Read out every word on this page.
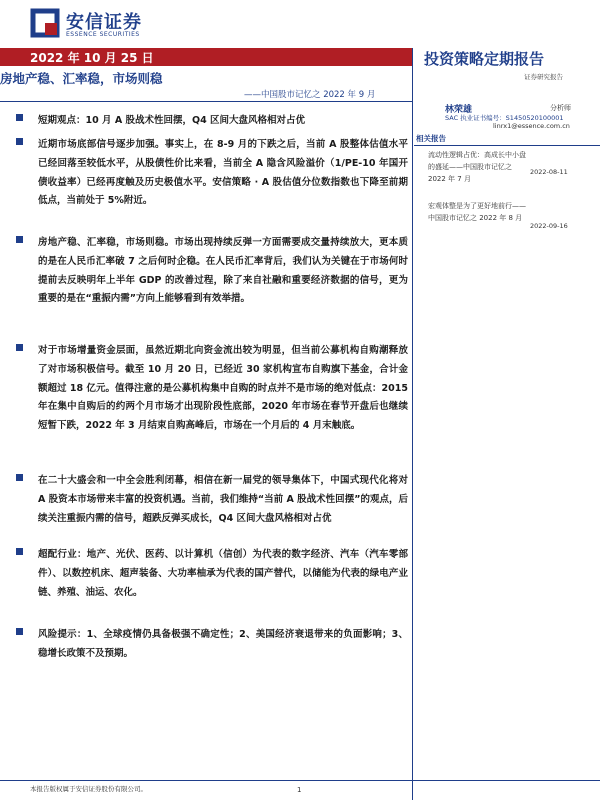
安信证券
ESSENCE SECURITIES
2022 年 10 月 25 日	投资策略定期报告
证券研究报告
房地产稳、汇率稳，市场则稳
——中国股市记忆之 2022 年 9 月
林荣雄	分析师
SAC 执业证书编号：S1450520100001
linrx1@essence.com.cn
相关报告
流动性逻辑占优：高成长中小盘的盛延——中国股市记忆之 2022 年 7 月
2022-08-11
宏观体整是为了更好地前行——中国股市记忆之 2022 年 8 月
2022-09-16
短期观点：10 月 A 股战术性回摆，Q4 区间大盘风格相对占优
近期市场底部信号逐步加强。事实上，在 8-9 月的下跌之后，当前 A 股整体估值水平已经回落至较低水平，从股债性价比来看，当前全 A 隐含风险溢价（1/PE-10 年国开债收益率）已经再度触及历史极值水平。安信策略 · A 股估值分位数指数也下降至前期低点，当前处于 5%附近。
房地产稳、汇率稳，市场则稳。市场出现持续反弹一方面需要成交量持续放大，更本质的是在人民币汇率破 7 之后何时企稳。在人民币汇率背后，我们认为关键在于市场何时提前去反映明年上半年 GDP 的改善过程，除了来自社融和重要经济数据的信号，更为重要的是在“重振内需”方向上能够看到有效举措。
对于市场增量资金层面，虽然近期北向资金流出较为明显，但当前公募机构自购潮释放了对市场积极信号。截至 10 月 20 日，已经近 30 家机构宣布自购旗下基金，合计金额超过 18 亿元。值得注意的是公募机构集中自购的时点并不是市场的绝对低点：2015 年在集中自购后的约两个月市场才出现阶段性底部，2020 年市场在春节开盘后也继续短暂下跌，2022 年 3 月结束自购高峰后，市场在一个月后的 4 月末触底。
在二十大盛会和一中全会胜利闭幕，相信在新一届党的领导集体下，中国式现代化将对 A 股资本市场带来丰富的投资机遇。当前，我们维持“当前 A 股战术性回摆”的观点，后续关注重振内需的信号，超跌反弹买成长，Q4 区间大盘风格相对占优
超配行业：地产、光伏、医药、以计算机（信创）为代表的数字经济、汽车（汽车零部件）、以数控机床、超声装备、大功率柚承为代表的国产替代，以储能为代表的绿电产业链、养殖、油运、农化。
风险提示：1、全球疫情仍具备极强不确定性；2、美国经济衰退带来的负面影响；3、稳增长政策不及预期。
本报告版权属于安信证券股份有限公司。	1
